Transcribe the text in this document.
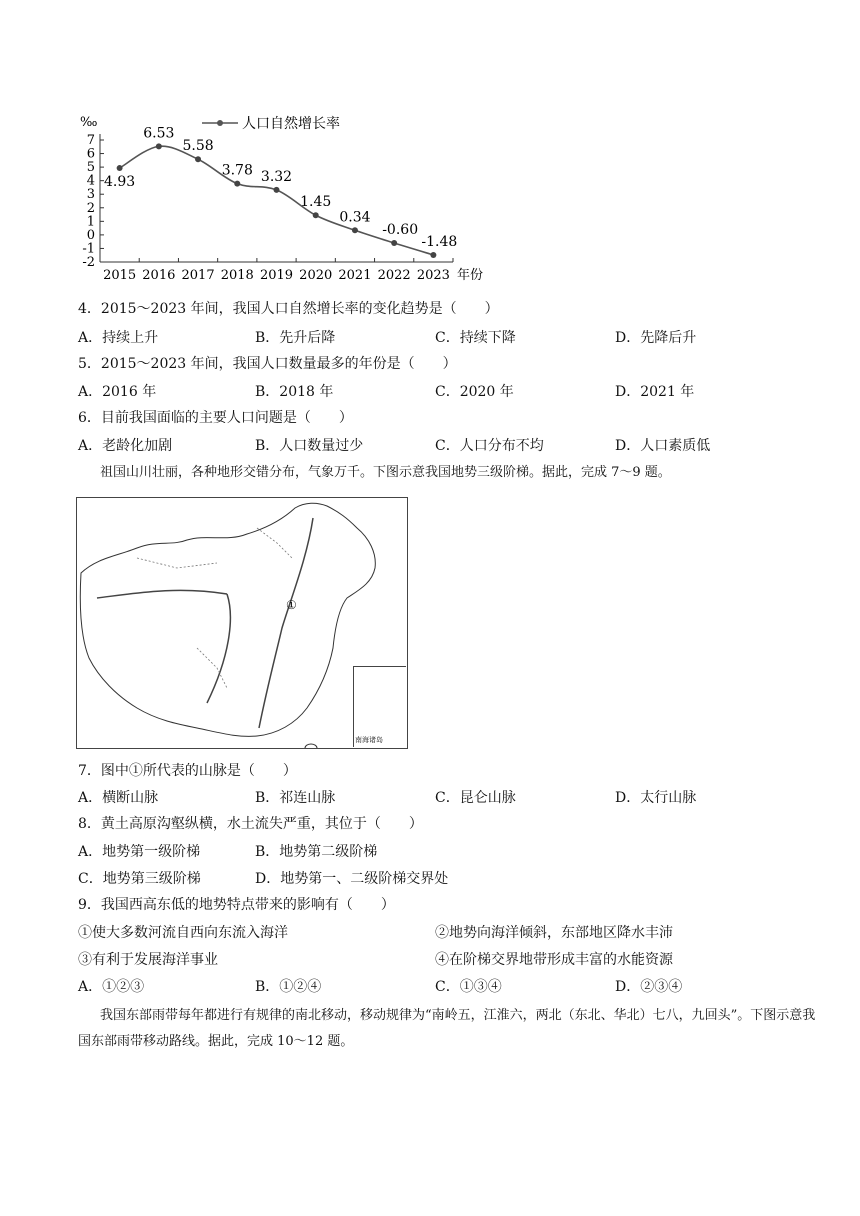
‰
7
6
5
4
3
2
1
0
-1
-2
2015 2016 2017 2018 2019 2020 2021 2022 2023 年份
人口自然增长率
4.93
6.53
5.58
3.78 3.32
1.45
0.34
-0.60
-1.48
4．2015～2023 年间，我国人口自然增长率的变化趋势是（　　）
A．持续上升	B．先升后降	C．持续下降	D．先降后升
5．2015～2023 年间，我国人口数量最多的年份是（　　）
A．2016 年	B．2018 年	C．2020 年	D．2021 年
6．目前我国面临的主要人口问题是（　　）
A．老龄化加剧	B．人口数量过少	C．人口分布不均	D．人口素质低
祖国山川壮丽，各种地形交错分布，气象万千。下图示意我国地势三级阶梯。据此，完成 7～9 题。
①
南海诸岛
7．图中①所代表的山脉是（　　）
A．横断山脉	B．祁连山脉	C．昆仑山脉	D．太行山脉
8．黄土高原沟壑纵横，水土流失严重，其位于（　　）
A．地势第一级阶梯	B．地势第二级阶梯
C．地势第三级阶梯	D．地势第一、二级阶梯交界处
9．我国西高东低的地势特点带来的影响有（　　）
①使大多数河流自西向东流入海洋	②地势向海洋倾斜，东部地区降水丰沛
③有利于发展海洋事业	④在阶梯交界地带形成丰富的水能资源
A．①②③	B．①②④	C．①③④	D．②③④
我国东部雨带每年都进行有规律的南北移动，移动规律为“南岭五，江淮六，两北（东北、华北）七八，九回头”。下图示意我国东部雨带移动路线。据此，完成 10～12 题。
